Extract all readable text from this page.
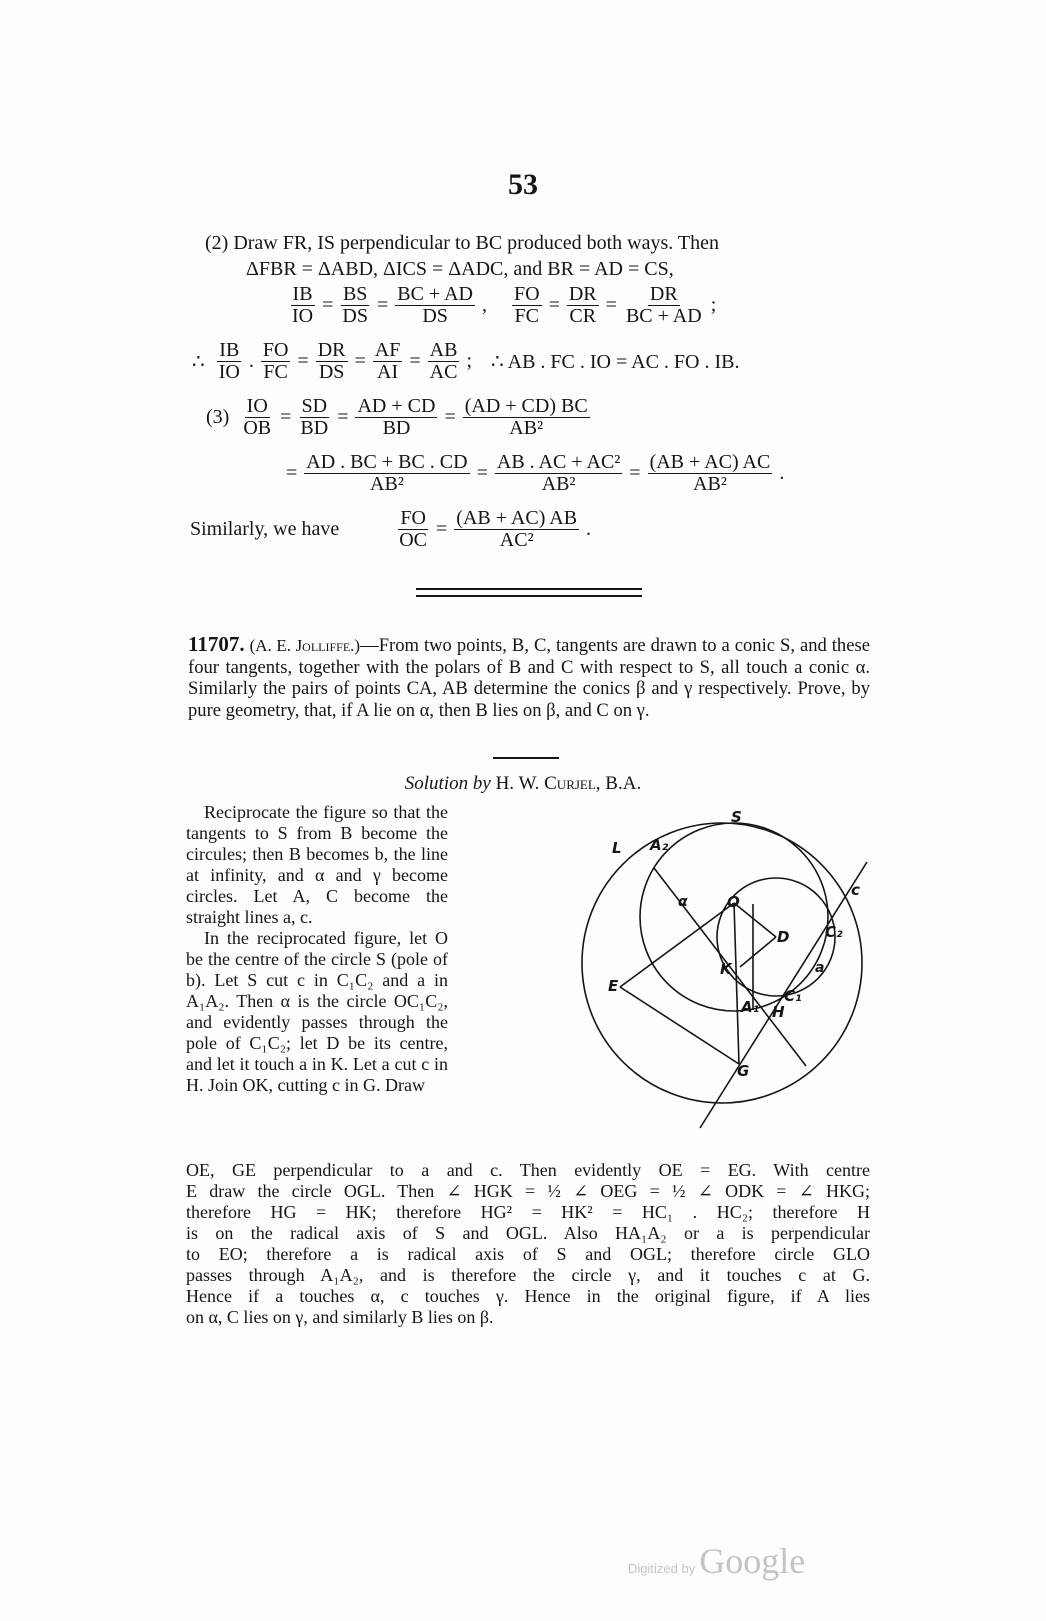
53
(2) Draw FR, IS perpendicular to BC produced both ways. Then
ΔFBR = ΔABD, ΔICS = ΔADC, and BR = AD = CS,
$\frac{IB}{IO} = \frac{BS}{DS} = \frac{BC + AD}{DS}$ , $\frac{FO}{FC} = \frac{DR}{CR} = \frac{DR}{BC + AD}$ ;
∴ $\frac{IB}{IO}$ . $\frac{FO}{FC} = \frac{DR}{DS} = \frac{AF}{AI} = \frac{AB}{AC}$ ; ∴ AB . FC . IO = AC . FO . IB.
$(3) \frac{IO}{OB} = \frac{SD}{BD} = \frac{AD + CD}{BD} = \frac{(AD + CD) BC}{\text{AB²}}$
= $\frac{AD . BC + BC . CD}{\text{AB²}} = \frac{\text{AB . AC + AC²}}{\text{AB²}} = \frac{(AB + AC) AC}{\text{AB²}}$ .
Similarly, we have	$\frac{FO}{OC} = \frac{(AB + AC) AB}{\text{AC²}}$ .
11707. (A. E. Jolliffe.)—From two points, B, C, tangents are drawn to a conic S, and these four tangents, together with the polars of B and C with respect to S, all touch a conic α. Similarly the pairs of points CA, AB determine the conics β and γ respectively. Prove, by pure geometry, that, if A lie on α, then B lies on β, and C on γ.
Solution by H. W. Curjel, B.A.

Reciprocate the figure so that the tangents to S from B become the circules; then B becomes b, the line at infinity, and α and γ become circles. Let A, C become the straight lines a, c.

In the reciprocated figure, let O be the centre of the circle S (pole of b). Let S cut c in C₁C₂ and a in A₁A₂. Then α is the circle OC₁C₂, and evidently passes through the pole of C₁C₂; let D be its centre, and let it touch a in K. Let a cut c in H. Join OK, cutting c in G. Draw

OE, GE perpendicular to a and c. Then evidently OE = EG. With centre
E draw the circle OGL. Then ∠ HGK = ½ ∠ OEG = ½ ∠ ODK = ∠ HKG;
therefore HG = HK; therefore HG² = HK² = HC₁ . HC₂; therefore H
is on the radical axis of S and OGL. Also HA₁A₂ or a is perpendicular
to EO; therefore a is radical axis of S and OGL; therefore circle GLO
passes through A₁A₂, and is therefore the circle γ, and it touches c at G.
Hence if a touches α, c touches γ. Hence in the original figure, if A lies
on α, C lies on γ, and similarly B lies on β.
S
L A₂
α	O
c
C₂
D
K	a
E
A₁
C₁
H
G
Digitized by Google
